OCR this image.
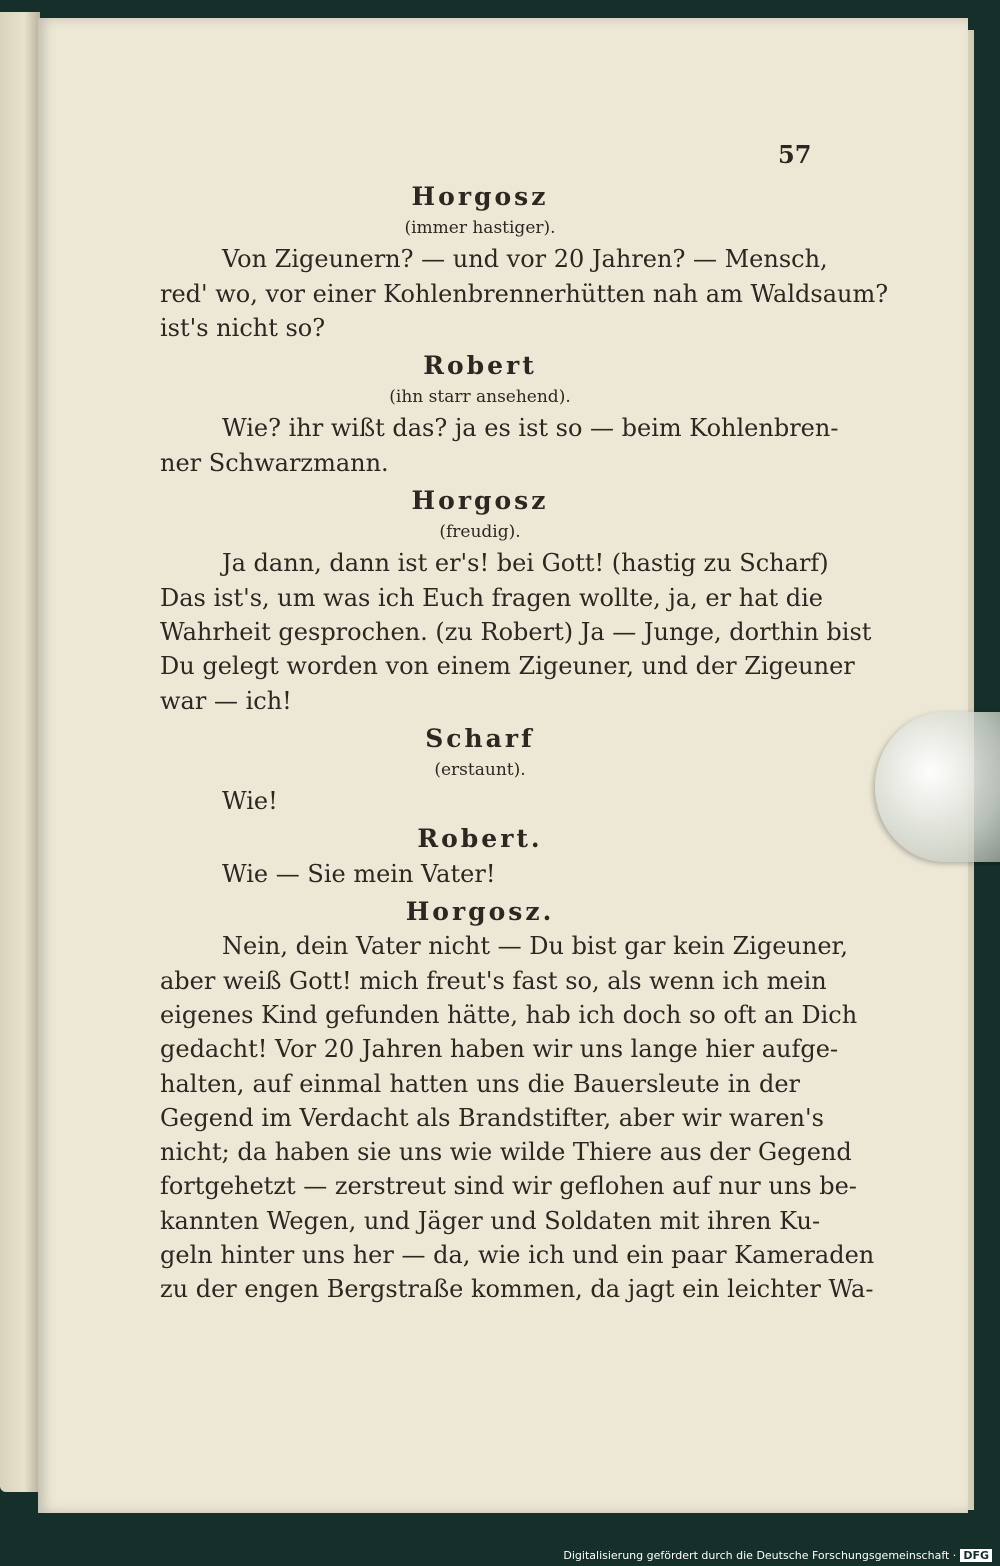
57
Horgosz
(immer hastiger).
Von Zigeunern? — und vor 20 Jahren? — Mensch,
red' wo, vor einer Kohlenbrennerhütten nah am Waldsaum?
ist's nicht so?
Robert
(ihn starr ansehend).
Wie? ihr wißt das? ja es ist so — beim Kohlenbren-
ner Schwarzmann.
Horgosz
(freudig).
Ja dann, dann ist er's! bei Gott! (hastig zu Scharf)
Das ist's, um was ich Euch fragen wollte, ja, er hat die
Wahrheit gesprochen. (zu Robert) Ja — Junge, dorthin bist
Du gelegt worden von einem Zigeuner, und der Zigeuner
war — ich!
Scharf
(erstaunt).
Wie!
Robert.
Wie — Sie mein Vater!
Horgosz.
Nein, dein Vater nicht — Du bist gar kein Zigeuner,
aber weiß Gott! mich freut's fast so, als wenn ich mein
eigenes Kind gefunden hätte, hab ich doch so oft an Dich
gedacht! Vor 20 Jahren haben wir uns lange hier aufge-
halten, auf einmal hatten uns die Bauersleute in der
Gegend im Verdacht als Brandstifter, aber wir waren's
nicht; da haben sie uns wie wilde Thiere aus der Gegend
fortgehetzt — zerstreut sind wir geflohen auf nur uns be-
kannten Wegen, und Jäger und Soldaten mit ihren Ku-
geln hinter uns her — da, wie ich und ein paar Kameraden
zu der engen Bergstraße kommen, da jagt ein leichter Wa-
Digitalisierung gefördert durch die Deutsche Forschungsgemeinschaft · DFG
